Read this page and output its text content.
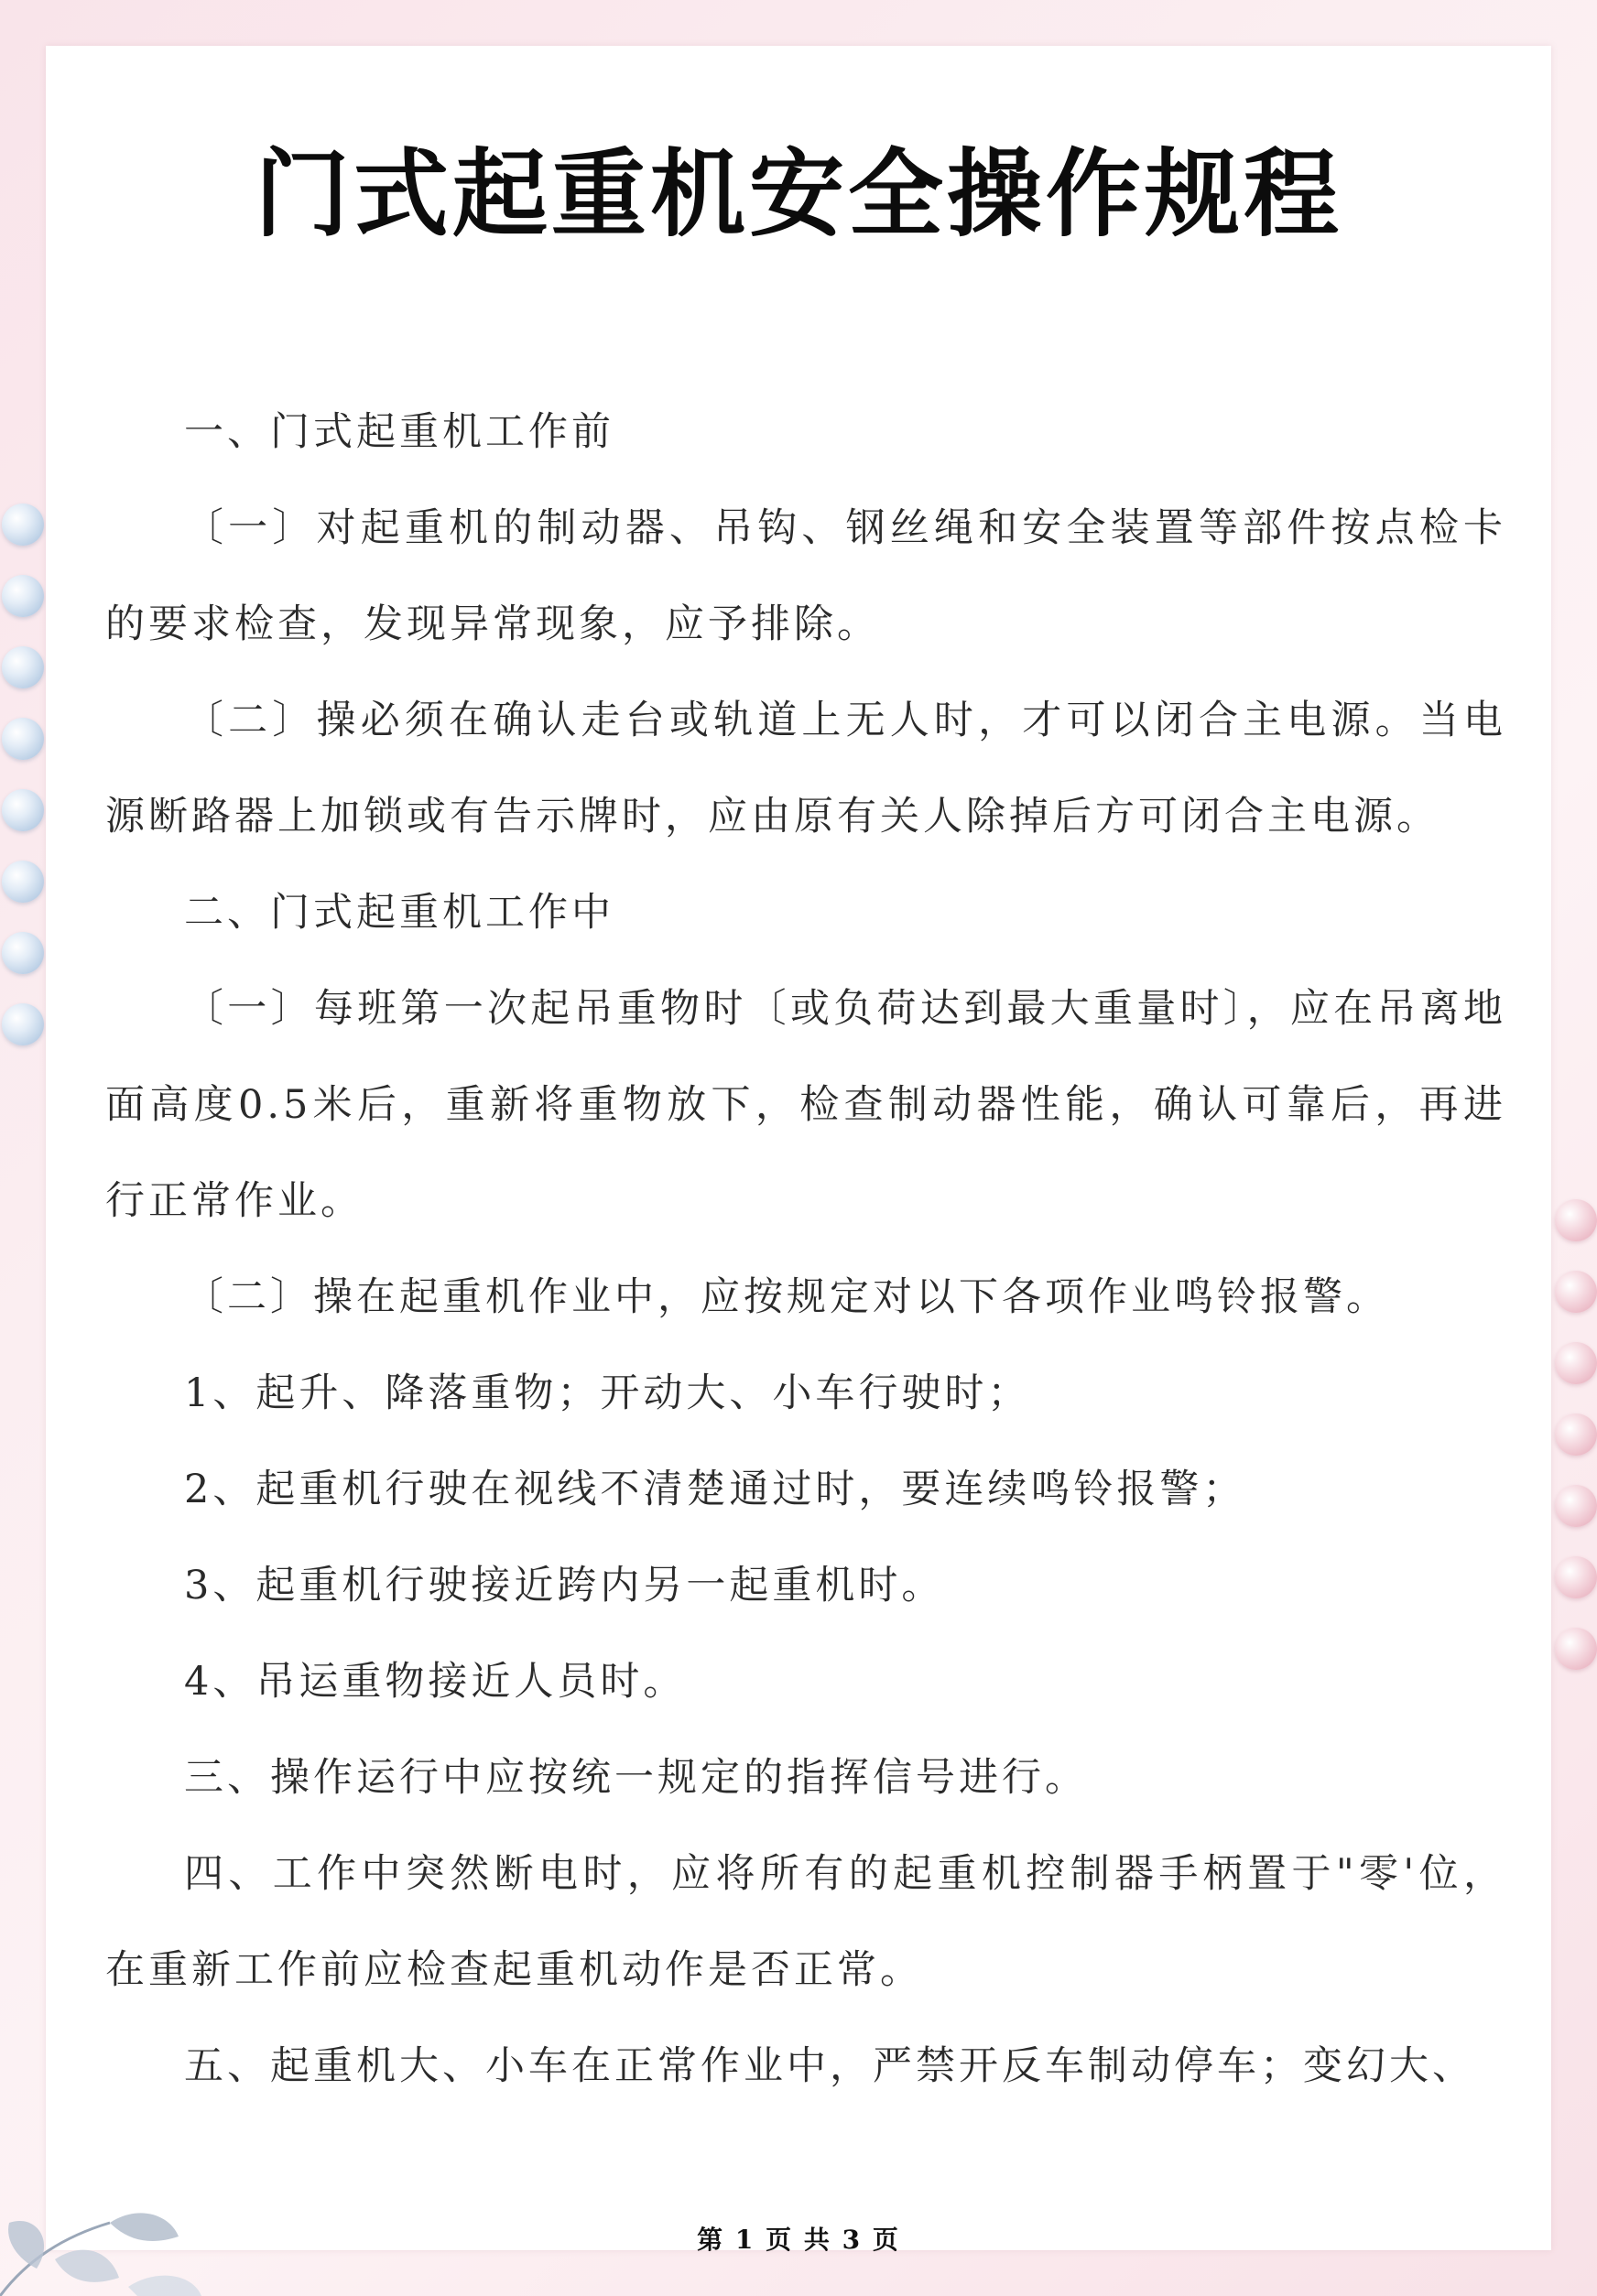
门式起重机安全操作规程

一、门式起重机工作前

〔一〕对起重机的制动器、吊钩、钢丝绳和安全装置等部件按点检卡的要求检查，发现异常现象，应予排除。

〔二〕操必须在确认走台或轨道上无人时，才可以闭合主电源。当电源断路器上加锁或有告示牌时，应由原有关人除掉后方可闭合主电源。

二、门式起重机工作中

〔一〕每班第一次起吊重物时〔或负荷达到最大重量时〕，应在吊离地面高度0.5米后，重新将重物放下，检查制动器性能，确认可靠后，再进行正常作业。

〔二〕操在起重机作业中，应按规定对以下各项作业鸣铃报警。

1、起升、降落重物；开动大、小车行驶时；

2、起重机行驶在视线不清楚通过时，要连续鸣铃报警；

3、起重机行驶接近跨内另一起重机时。

4、吊运重物接近人员时。

三、操作运行中应按统一规定的指挥信号进行。

四、工作中突然断电时，应将所有的起重机控制器手柄置于"零'位，在重新工作前应检查起重机动作是否正常。

五、起重机大、小车在正常作业中，严禁开反车制动停车；变幻大、

第 1 页 共 3 页
